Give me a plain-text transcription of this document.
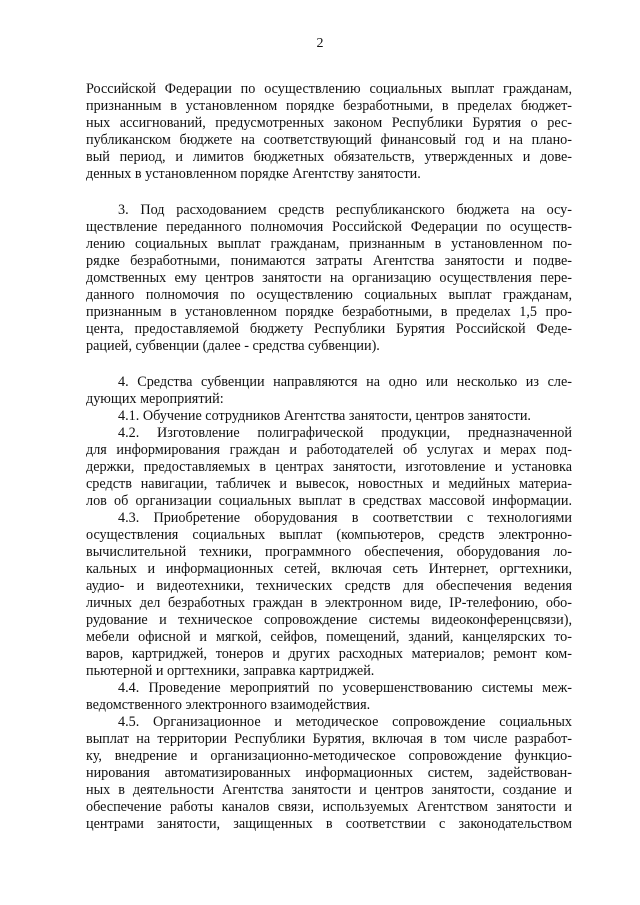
2
Российской Федерации по осуществлению социальных выплат гражданам,
признанным в установленном порядке безработными, в пределах бюджет-
ных ассигнований, предусмотренных законом Республики Бурятия о рес-
публиканском бюджете на соответствующий финансовый год и на плано-
вый период, и лимитов бюджетных обязательств, утвержденных и дове-
денных в установленном порядке Агентству занятости.
3. Под расходованием средств республиканского бюджета на осу-
ществление переданного полномочия Российской Федерации по осуществ-
лению социальных выплат гражданам, признанным в установленном по-
рядке безработными, понимаются затраты Агентства занятости и подве-
домственных ему центров занятости на организацию осуществления пере-
данного полномочия по осуществлению социальных выплат гражданам,
признанным в установленном порядке безработными, в пределах 1,5 про-
цента, предоставляемой бюджету Республики Бурятия Российской Феде-
рацией, субвенции (далее - средства субвенции).
4. Средства субвенции направляются на одно или несколько из сле-
дующих мероприятий:
4.1. Обучение сотрудников Агентства занятости, центров занятости.
4.2. Изготовление полиграфической продукции, предназначенной
для информирования граждан и работодателей об услугах и мерах под-
держки, предоставляемых в центрах занятости, изготовление и установка
средств навигации, табличек и вывесок, новостных и медийных материа-
лов об организации социальных выплат в средствах массовой информации.
4.3. Приобретение оборудования в соответствии с технологиями
осуществления социальных выплат (компьютеров, средств электронно-
вычислительной техники, программного обеспечения, оборудования ло-
кальных и информационных сетей, включая сеть Интернет, оргтехники,
аудио- и видеотехники, технических средств для обеспечения ведения
личных дел безработных граждан в электронном виде, IP-телефонию, обо-
рудование и техническое сопровождение системы видеоконференцсвязи),
мебели офисной и мягкой, сейфов, помещений, зданий, канцелярских то-
варов, картриджей, тонеров и других расходных материалов; ремонт ком-
пьютерной и оргтехники, заправка картриджей.
4.4. Проведение мероприятий по усовершенствованию системы меж-
ведомственного электронного взаимодействия.
4.5. Организационное и методическое сопровождение социальных
выплат на территории Республики Бурятия, включая в том числе разработ-
ку, внедрение и организационно-методическое сопровождение функцио-
нирования автоматизированных информационных систем, задействован-
ных в деятельности Агентства занятости и центров занятости, создание и
обеспечение работы каналов связи, используемых Агентством занятости и
центрами занятости, защищенных в соответствии с законодательством
